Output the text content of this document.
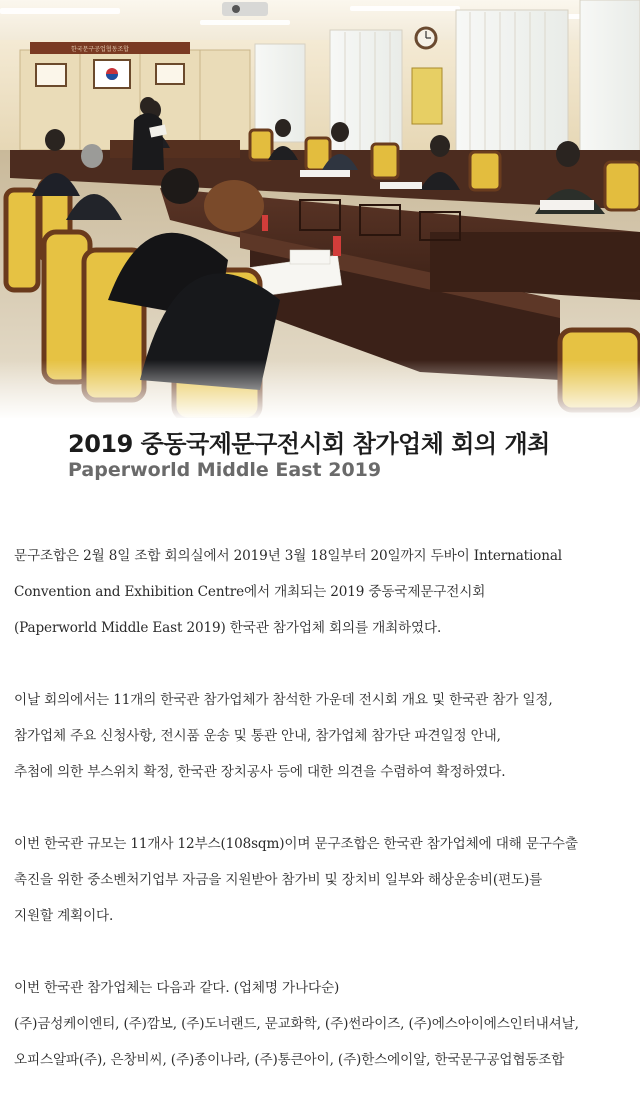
한국문구공업협동조합
2019 중동국제문구전시회 참가업체 회의 개최
Paperworld Middle East 2019
문구조합은 2월 8일 조합 회의실에서 2019년 3월 18일부터 20일까지 두바이 International
Convention and Exhibition Centre에서 개최되는 2019 중동국제문구전시회
(Paperworld Middle East 2019) 한국관 참가업체 회의를 개최하였다.
이날 회의에서는 11개의 한국관 참가업체가 참석한 가운데 전시회 개요 및 한국관 참가 일정,
참가업체 주요 신청사항, 전시품 운송 및 통관 안내, 참가업체 참가단 파견일정 안내,
추첨에 의한 부스위치 확정, 한국관 장치공사 등에 대한 의견을 수렴하여 확정하였다.
이번 한국관 규모는 11개사 12부스(108sqm)이며 문구조합은 한국관 참가업체에 대해 문구수출
촉진을 위한 중소벤처기업부 자금을 지원받아 참가비 및 장치비 일부와 해상운송비(편도)를
지원할 계획이다.
이번 한국관 참가업체는 다음과 같다. (업체명 가나다순)
(주)금성케이엔티, (주)깜보, (주)도너랜드, 문교화학, (주)썬라이즈, (주)에스아이에스인터내셔날,
오피스알파(주), 은창비씨, (주)종이나라, (주)통큰아이, (주)한스에이알, 한국문구공업협동조합
